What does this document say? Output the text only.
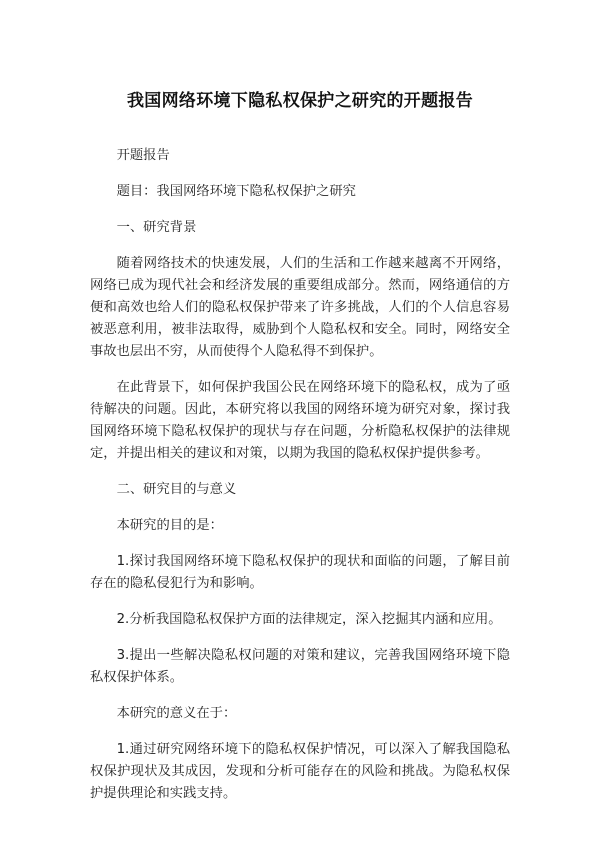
我国网络环境下隐私权保护之研究的开题报告

开题报告

题目：我国网络环境下隐私权保护之研究

一、研究背景

随着网络技术的快速发展，人们的生活和工作越来越离不开网络，网络已成为现代社会和经济发展的重要组成部分。然而，网络通信的方便和高效也给人们的隐私权保护带来了许多挑战，人们的个人信息容易被恶意利用，被非法取得，威胁到个人隐私权和安全。同时，网络安全事故也层出不穷，从而使得个人隐私得不到保护。

在此背景下，如何保护我国公民在网络环境下的隐私权，成为了亟待解决的问题。因此，本研究将以我国的网络环境为研究对象，探讨我国网络环境下隐私权保护的现状与存在问题，分析隐私权保护的法律规定，并提出相关的建议和对策，以期为我国的隐私权保护提供参考。

二、研究目的与意义

本研究的目的是：

1.探讨我国网络环境下隐私权保护的现状和面临的问题，了解目前存在的隐私侵犯行为和影响。

2.分析我国隐私权保护方面的法律规定，深入挖掘其内涵和应用。

3.提出一些解决隐私权问题的对策和建议，完善我国网络环境下隐私权保护体系。

本研究的意义在于：

1.通过研究网络环境下的隐私权保护情况，可以深入了解我国隐私权保护现状及其成因，发现和分析可能存在的风险和挑战。为隐私权保护提供理论和实践支持。
